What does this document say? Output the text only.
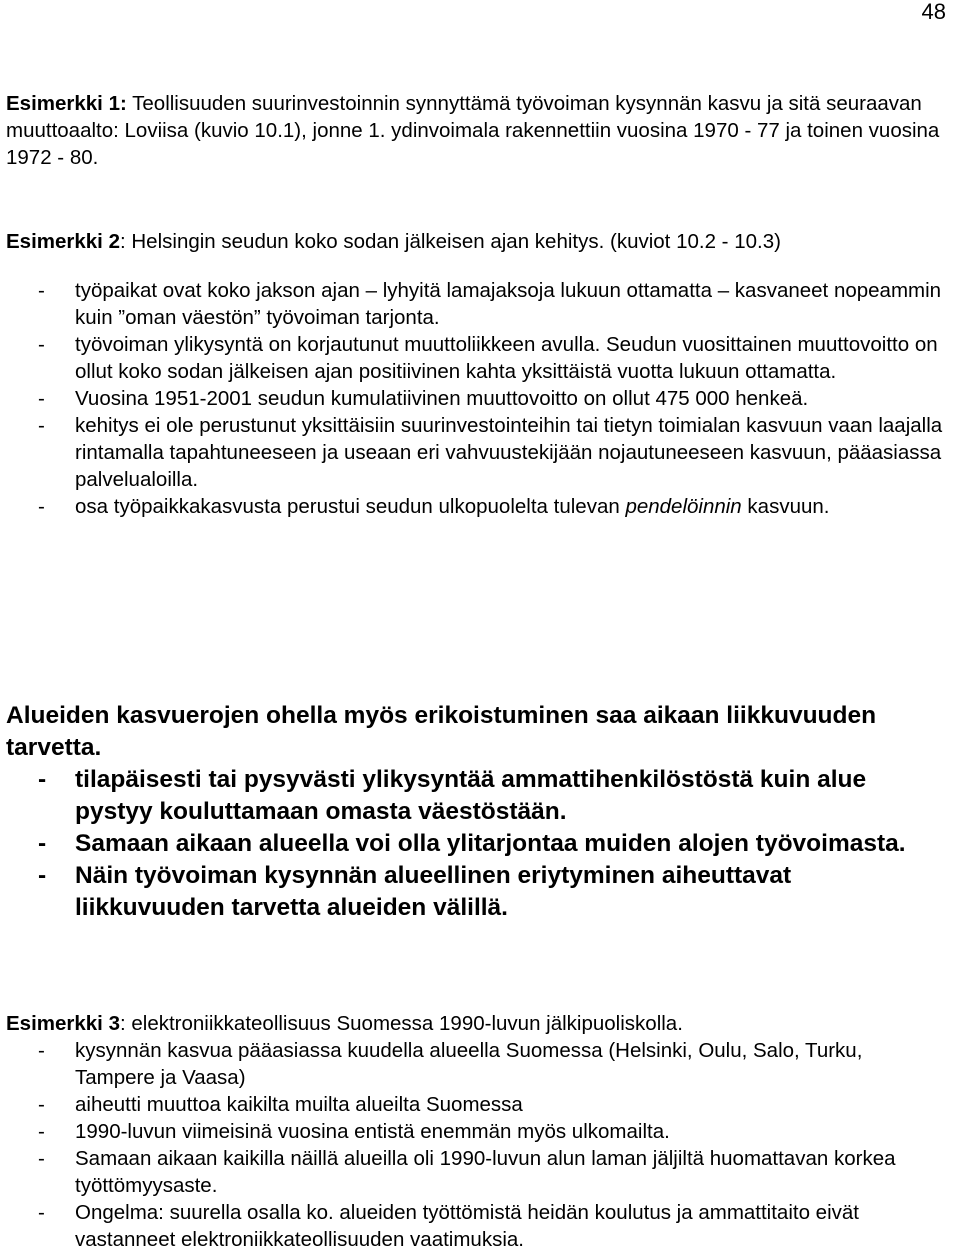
48

Esimerkki 1: Teollisuuden suurinvestoinnin synnyttämä työvoiman kysynnän kasvu ja sitä seuraavan muuttoaalto: Loviisa (kuvio 10.1), jonne 1. ydinvoimala rakennettiin vuosina 1970 - 77 ja toinen vuosina 1972 - 80.

Esimerkki 2: Helsingin seudun koko sodan jälkeisen ajan kehitys. (kuviot 10.2 - 10.3)

- työpaikat ovat koko jakson ajan – lyhyitä lamajaksoja lukuun ottamatta – kasvaneet nopeammin kuin ”oman väestön” työvoiman tarjonta.
- työvoiman ylikysyntä on korjautunut muuttoliikkeen avulla. Seudun vuosittainen muuttovoitto on ollut koko sodan jälkeisen ajan positiivinen kahta yksittäistä vuotta lukuun ottamatta.
- Vuosina 1951-2001 seudun kumulatiivinen muuttovoitto on ollut 475 000 henkeä.
- kehitys ei ole perustunut yksittäisiin suurinvestointeihin tai tietyn toimialan kasvuun vaan laajalla rintamalla tapahtuneeseen ja useaan eri vahvuustekijään nojautuneeseen kasvuun, pääasiassa palvelualoilla.
- osa työpaikkakasvusta perustui seudun ulkopuolelta tulevan pendelöinnin kasvuun.

Alueiden kasvuerojen ohella myös erikoistuminen saa aikaan liikkuvuuden tarvetta.

- tilapäisesti tai pysyvästi ylikysyntää ammattihenkilöstöstä kuin alue pystyy kouluttamaan omasta väestöstään.
- Samaan aikaan alueella voi olla ylitarjontaa muiden alojen työvoimasta.
- Näin työvoiman kysynnän alueellinen eriytyminen aiheuttavat liikkuvuuden tarvetta alueiden välillä.

Esimerkki 3: elektroniikkateollisuus Suomessa 1990-luvun jälkipuoliskolla.

- kysynnän kasvua pääasiassa kuudella alueella Suomessa (Helsinki, Oulu, Salo, Turku, Tampere ja Vaasa)
- aiheutti muuttoa kaikilta muilta alueilta Suomessa
- 1990-luvun viimeisinä vuosina entistä enemmän myös ulkomailta.
- Samaan aikaan kaikilla näillä alueilla oli 1990-luvun alun laman jäljiltä huomattavan korkea työttömyysaste.
- Ongelma: suurella osalla ko. alueiden työttömistä heidän koulutus ja ammattitaito eivät vastanneet elektroniikkateollisuuden vaatimuksia.
